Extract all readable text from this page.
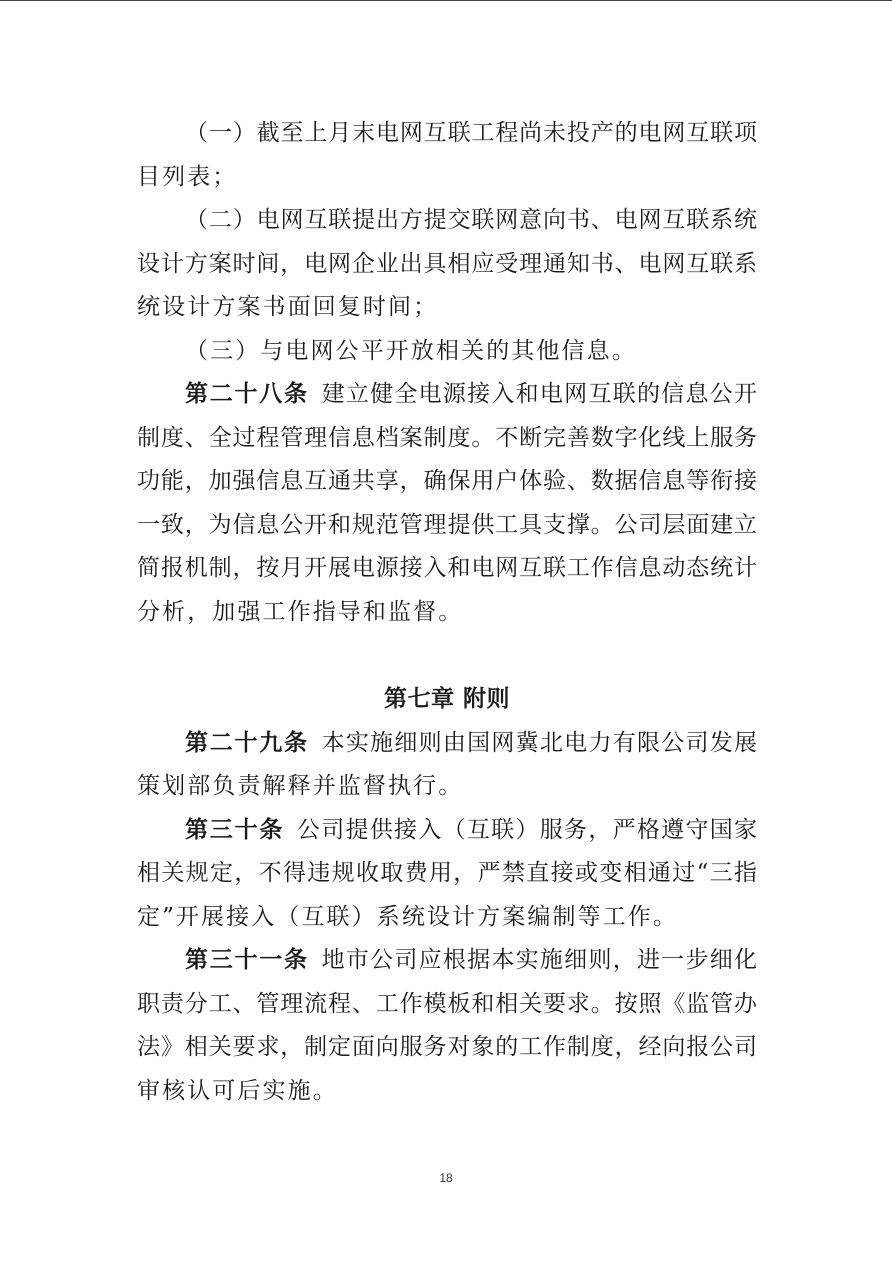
（一）截至上月末电网互联工程尚未投产的电网互联项
目列表；
（二）电网互联提出方提交联网意向书、电网互联系统
设计方案时间，电网企业出具相应受理通知书、电网互联系
统设计方案书面回复时间；
（三）与电网公平开放相关的其他信息。
第二十八条  建立健全电源接入和电网互联的信息公开
制度、全过程管理信息档案制度。不断完善数字化线上服务
功能，加强信息互通共享，确保用户体验、数据信息等衔接
一致，为信息公开和规范管理提供工具支撑。公司层面建立
简报机制，按月开展电源接入和电网互联工作信息动态统计
分析，加强工作指导和监督。
第七章 附则
第二十九条  本实施细则由国网冀北电力有限公司发展
策划部负责解释并监督执行。
第三十条  公司提供接入（互联）服务，严格遵守国家
相关规定，不得违规收取费用，严禁直接或变相通过“三指
定”开展接入（互联）系统设计方案编制等工作。
第三十一条  地市公司应根据本实施细则，进一步细化
职责分工、管理流程、工作模板和相关要求。按照《监管办
法》相关要求，制定面向服务对象的工作制度，经向报公司
审核认可后实施。
18
